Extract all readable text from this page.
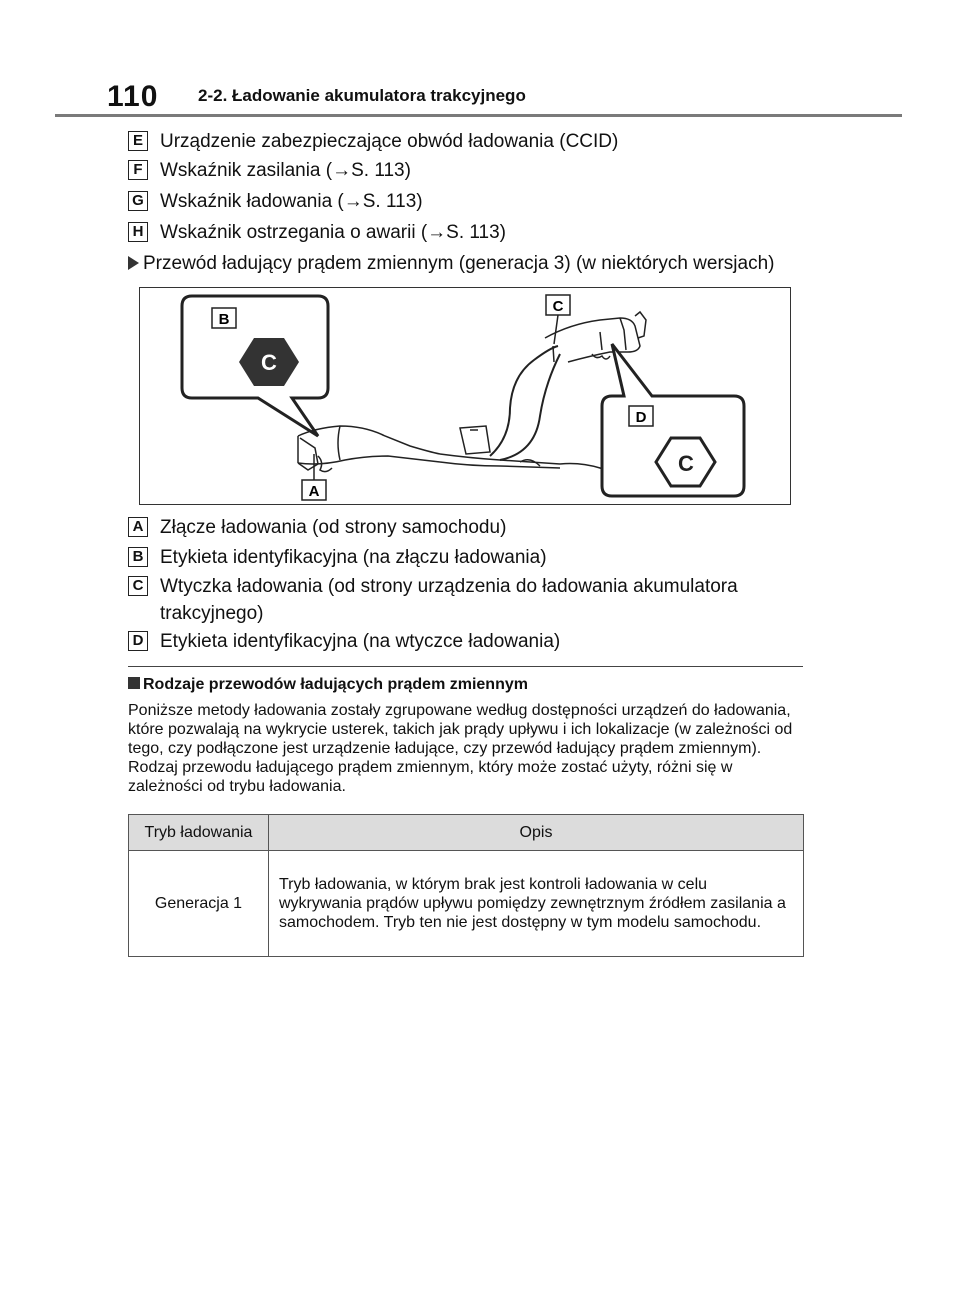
110 2-2. Ładowanie akumulatora trakcyjnego
E Urządzenie zabezpieczające obwód ładowania (CCID)
F Wskaźnik zasilania (→S. 113)
G Wskaźnik ładowania (→S. 113)
H Wskaźnik ostrzegania o awarii (→S. 113)
Przewód ładujący prądem zmiennym (generacja 3) (w niektórych wersjach)
B
C
C
D
C
A
A Złącze ładowania (od strony samochodu)
B Etykieta identyfikacyjna (na złączu ładowania)
C Wtyczka ładowania (od strony urządzenia do ładowania akumulatora trakcyjnego)
D Etykieta identyfikacyjna (na wtyczce ładowania)
Rodzaje przewodów ładujących prądem zmiennym
Poniższe metody ładowania zostały zgrupowane według dostępności urządzeń do ładowania, które pozwalają na wykrycie usterek, takich jak prądy upływu i ich lokalizacje (w zależności od tego, czy podłączone jest urządzenie ładujące, czy przewód ładujący prądem zmiennym). Rodzaj przewodu ładującego prądem zmiennym, który może zostać użyty, różni się w zależności od trybu ładowania.
Tryb ładowania	Opis
Generacja 1	Tryb ładowania, w którym brak jest kontroli ładowania w celu wykrywania prądów upływu pomiędzy zewnętrznym źródłem zasilania a samochodem. Tryb ten nie jest dostępny w tym modelu samochodu.
